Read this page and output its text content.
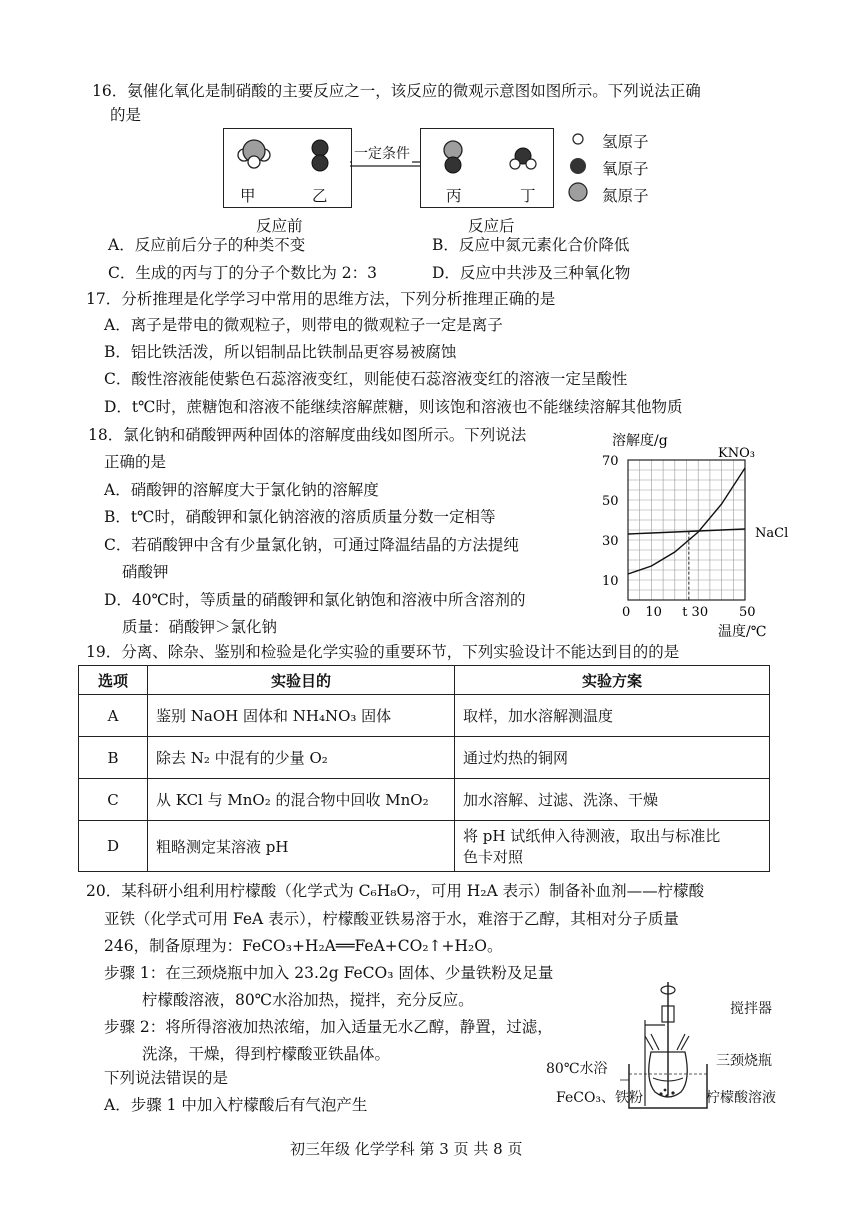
16．氨催化氧化是制硝酸的主要反应之一，该反应的微观示意图如图所示。下列说法正确
的是
甲	乙
反应前
一定条件
丙	丁
反应后
氢原子
氧原子
氮原子
A．反应前后分子的种类不变	B．反应中氮元素化合价降低
C．生成的丙与丁的分子个数比为 2：3	D．反应中共涉及三种氧化物
17．分析推理是化学学习中常用的思维方法，下列分析推理正确的是
A．离子是带电的微观粒子，则带电的微观粒子一定是离子
B．铝比铁活泼，所以铝制品比铁制品更容易被腐蚀
C．酸性溶液能使紫色石蕊溶液变红，则能使石蕊溶液变红的溶液一定呈酸性
D．t℃时，蔗糖饱和溶液不能继续溶解蔗糖，则该饱和溶液也不能继续溶解其他物质
18．氯化钠和硝酸钾两种固体的溶解度曲线如图所示。下列说法
正确的是
A．硝酸钾的溶解度大于氯化钠的溶解度
B．t℃时，硝酸钾和氯化钠溶液的溶质质量分数一定相等
C．若硝酸钾中含有少量氯化钠，可通过降温结晶的方法提纯
硝酸钾
D．40℃时，等质量的硝酸钾和氯化钠饱和溶液中所含溶剂的
质量：硝酸钾＞氯化钠
溶解度/g
温度/℃
0 10 t 30 50
10
30
50
70
KNO₃
NaCl
19．分离、除杂、鉴别和检验是化学实验的重要环节，下列实验设计不能达到目的的是
选项	实验目的	实验方案
A	鉴别 NaOH 固体和 NH₄NO₃ 固体	取样，加水溶解测温度
B	除去 N₂ 中混有的少量 O₂	通过灼热的铜网
C	从 KCl 与 MnO₂ 的混合物中回收 MnO₂	加水溶解、过滤、洗涤、干燥
D	粗略测定某溶液 pH	将 pH 试纸伸入待测液，取出与标准比
色卡对照
20．某科研小组利用柠檬酸（化学式为 C₆H₈O₇，可用 H₂A 表示）制备补血剂——柠檬酸
亚铁（化学式可用 FeA 表示），柠檬酸亚铁易溶于水，难溶于乙醇，其相对分子质量
246，制备原理为：FeCO₃+H₂A══FeA+CO₂↑+H₂O。
步骤 1：在三颈烧瓶中加入 23.2g FeCO₃ 固体、少量铁粉及足量
柠檬酸溶液，80℃水浴加热，搅拌，充分反应。
步骤 2：将所得溶液加热浓缩，加入适量无水乙醇，静置，过滤，
洗涤，干燥，得到柠檬酸亚铁晶体。
下列说法错误的是
A．步骤 1 中加入柠檬酸后有气泡产生
搅拌器
三颈烧瓶
80℃水浴
FeCO₃、铁粉	柠檬酸溶液
初三年级 化学学科 第 3 页 共 8 页
